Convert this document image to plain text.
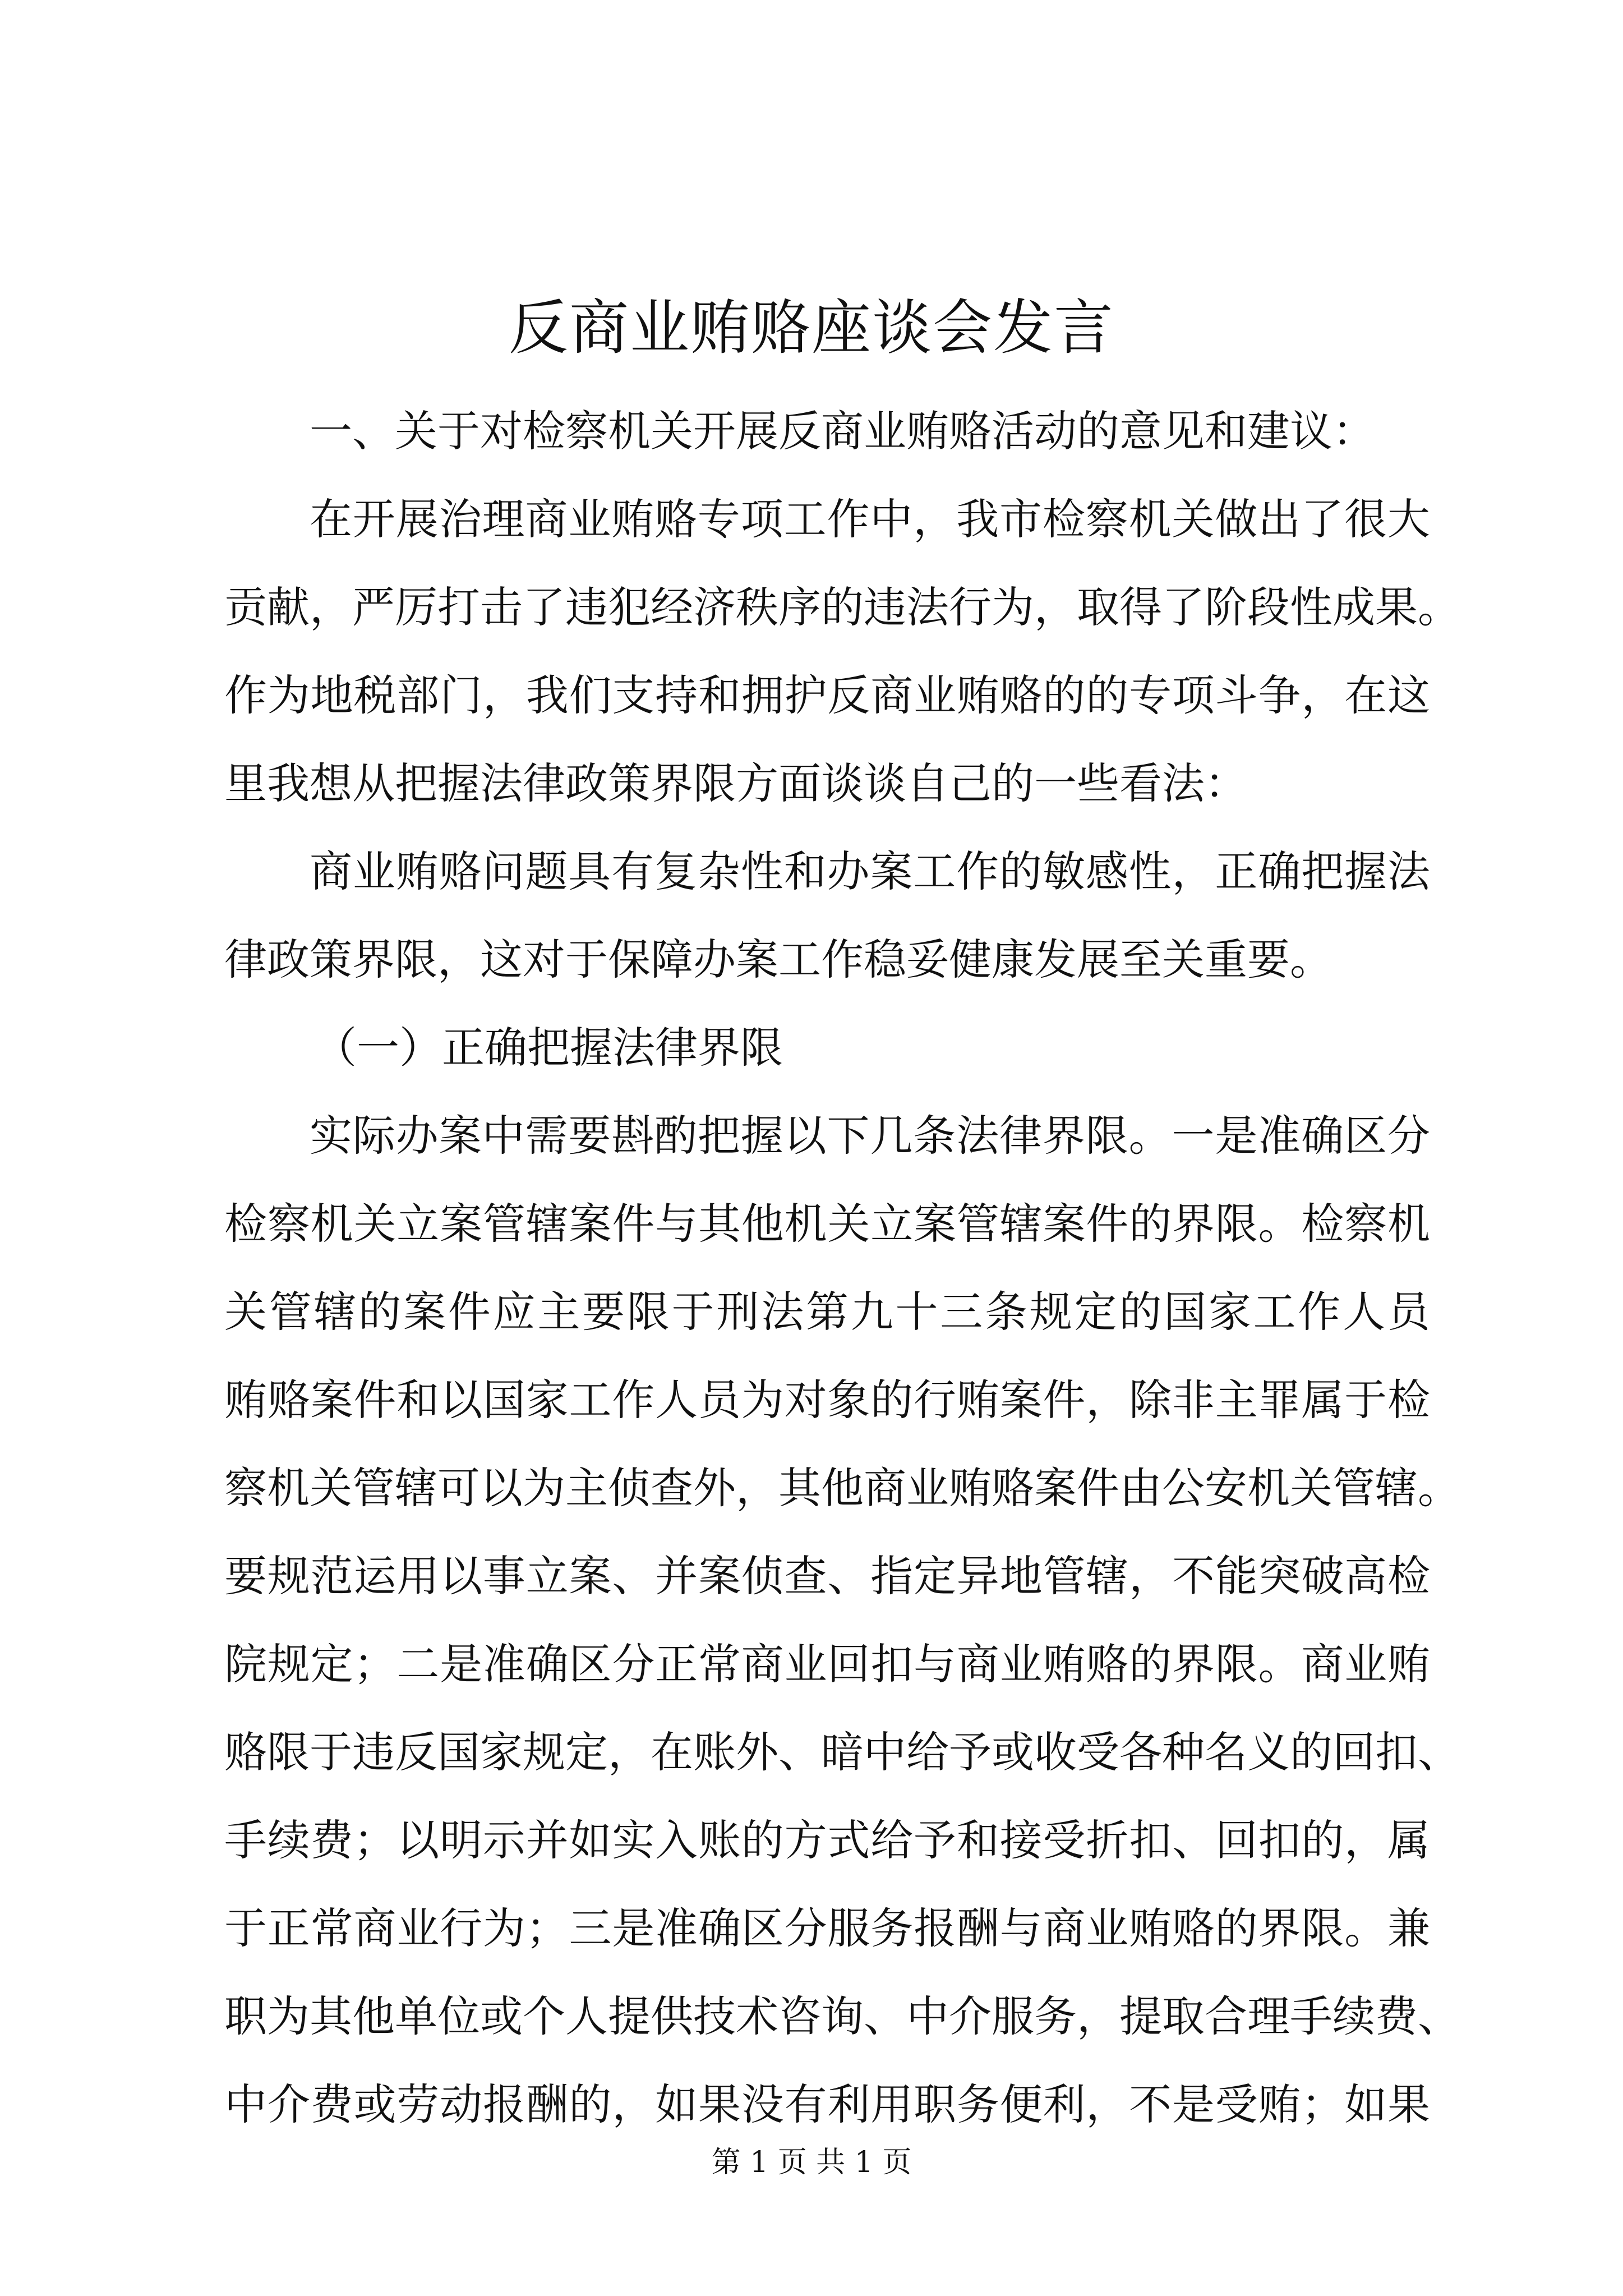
反商业贿赂座谈会发言
一、关于对检察机关开展反商业贿赂活动的意见和建议：
在 开 展 治 理 商 业 贿 赂 专 项 工 作 中 ， 我 市 检 察 机 关 做 出 了 很 大
贡 献 ， 严 厉 打 击 了 违 犯 经 济 秩 序 的 违 法 行 为 ， 取 得 了 阶 段 性 成 果 。
作 为 地 税 部 门 ， 我 们 支 持 和 拥 护 反 商 业 贿 赂 的 的 专 项 斗 争 ， 在 这
里我想从把握法律政策界限方面谈谈自己的一些看法：
商 业 贿 赂 问 题 具 有 复 杂 性 和 办 案 工 作 的 敏 感 性 ， 正 确 把 握 法
律政策界限，这对于保障办案工作稳妥健康发展至关重要。
（一）正确把握法律界限
实 际 办 案 中 需 要 斟 酌 把 握 以 下 几 条 法 律 界 限 。 一 是 准 确 区 分
检 察 机 关 立 案 管 辖 案 件 与 其 他 机 关 立 案 管 辖 案 件 的 界 限 。 检 察 机
关 管 辖 的 案 件 应 主 要 限 于 刑 法 第 九 十 三 条 规 定 的 国 家 工 作 人 员
贿 赂 案 件 和 以 国 家 工 作 人 员 为 对 象 的 行 贿 案 件 ， 除 非 主 罪 属 于 检
察 机 关 管 辖 可 以 为 主 侦 查 外 ， 其 他 商 业 贿 赂 案 件 由 公 安 机 关 管 辖 。
要 规 范 运 用 以 事 立 案 、 并 案 侦 查 、 指 定 异 地 管 辖 ， 不 能 突 破 高 检
院 规 定 ； 二 是 准 确 区 分 正 常 商 业 回 扣 与 商 业 贿 赂 的 界 限 。 商 业 贿
赂 限 于 违 反 国 家 规 定 ， 在 账 外 、 暗 中 给 予 或 收 受 各 种 名 义 的 回 扣 、
手 续 费 ； 以 明 示 并 如 实 入 账 的 方 式 给 予 和 接 受 折 扣 、 回 扣 的 ， 属
于 正 常 商 业 行 为 ； 三 是 准 确 区 分 服 务 报 酬 与 商 业 贿 赂 的 界 限 。 兼
职 为 其 他 单 位 或 个 人 提 供 技 术 咨 询 、 中 介 服 务 ， 提 取 合 理 手 续 费 、
中 介 费 或 劳 动 报 酬 的 ， 如 果 没 有 利 用 职 务 便 利 ， 不 是 受 贿 ； 如 果
第 1 页 共 1 页
